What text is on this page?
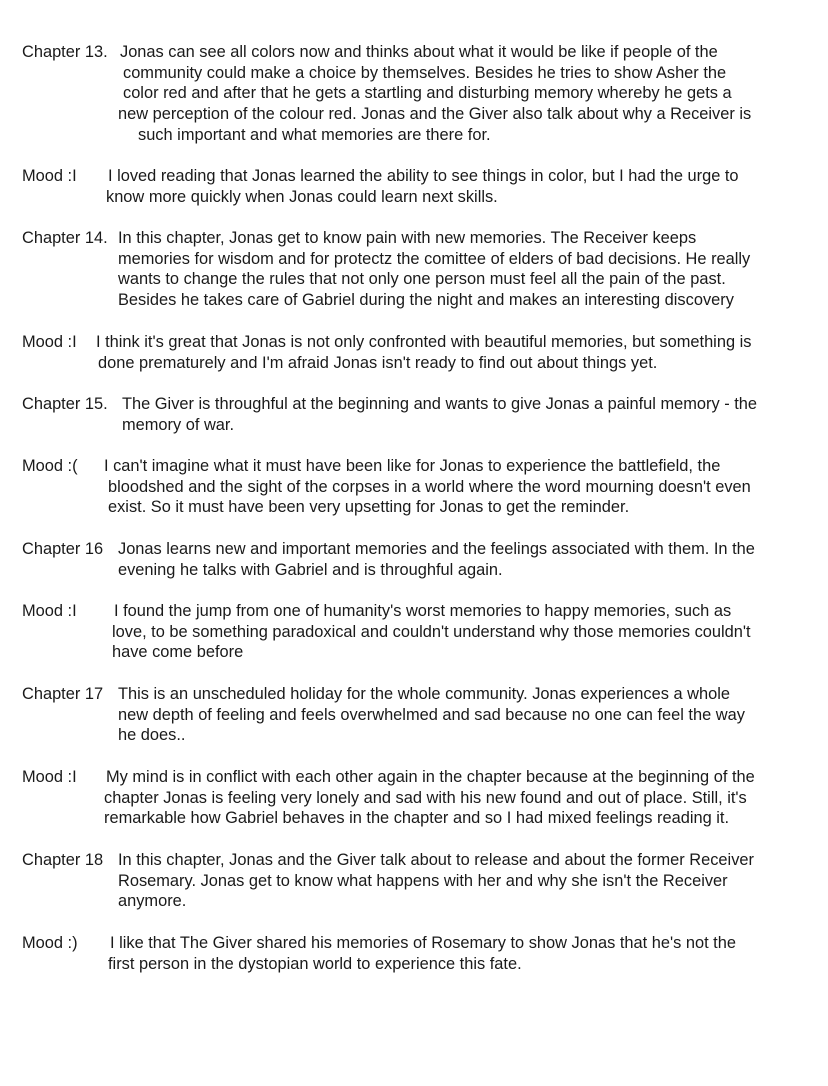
Chapter 13. Jonas can see all colors now and thinks about what it would be like if people of the
community could make a choice by themselves. Besides he tries to show Asher the
color red and after that he gets a startling and disturbing memory whereby he gets a
new perception of the colour red. Jonas and the Giver also talk about why a Receiver is
such important and what memories are there for.
Mood :I	I loved reading that Jonas learned the ability to see things in color, but I had the urge to
know more quickly when Jonas could learn next skills.
Chapter 14. In this chapter, Jonas get to know pain with new memories. The Receiver keeps
memories for wisdom and for protectz the comittee of elders of bad decisions. He really
wants to change the rules that not only one person must feel all the pain of the past.
Besides he takes care of Gabriel during the night and makes an interesting discovery
Mood :I	I think it's great that Jonas is not only confronted with beautiful memories, but something is
done prematurely and I'm afraid Jonas isn't ready to find out about things yet.
Chapter 15. The Giver is throughful at the beginning and wants to give Jonas a painful memory - the
memory of war.
Mood :(	I can't imagine what it must have been like for Jonas to experience the battlefield, the
bloodshed and the sight of the corpses in a world where the word mourning doesn't even
exist. So it must have been very upsetting for Jonas to get the reminder.
Chapter 16 Jonas learns new and important memories and the feelings associated with them. In the
evening he talks with Gabriel and is throughful again.
Mood :I	I found the jump from one of humanity's worst memories to happy memories, such as
love, to be something paradoxical and couldn't understand why those memories couldn't
have come before
Chapter 17 This is an unscheduled holiday for the whole community. Jonas experiences a whole
new depth of feeling and feels overwhelmed and sad because no one can feel the way
he does..
Mood :I	My mind is in conflict with each other again in the chapter because at the beginning of the
chapter Jonas is feeling very lonely and sad with his new found and out of place. Still, it's
remarkable how Gabriel behaves in the chapter and so I had mixed feelings reading it.
Chapter 18 In this chapter, Jonas and the Giver talk about to release and about the former Receiver
Rosemary. Jonas get to know what happens with her and why she isn't the Receiver
anymore.
Mood :)	I like that The Giver shared his memories of Rosemary to show Jonas that he's not the
first person in the dystopian world to experience this fate.
